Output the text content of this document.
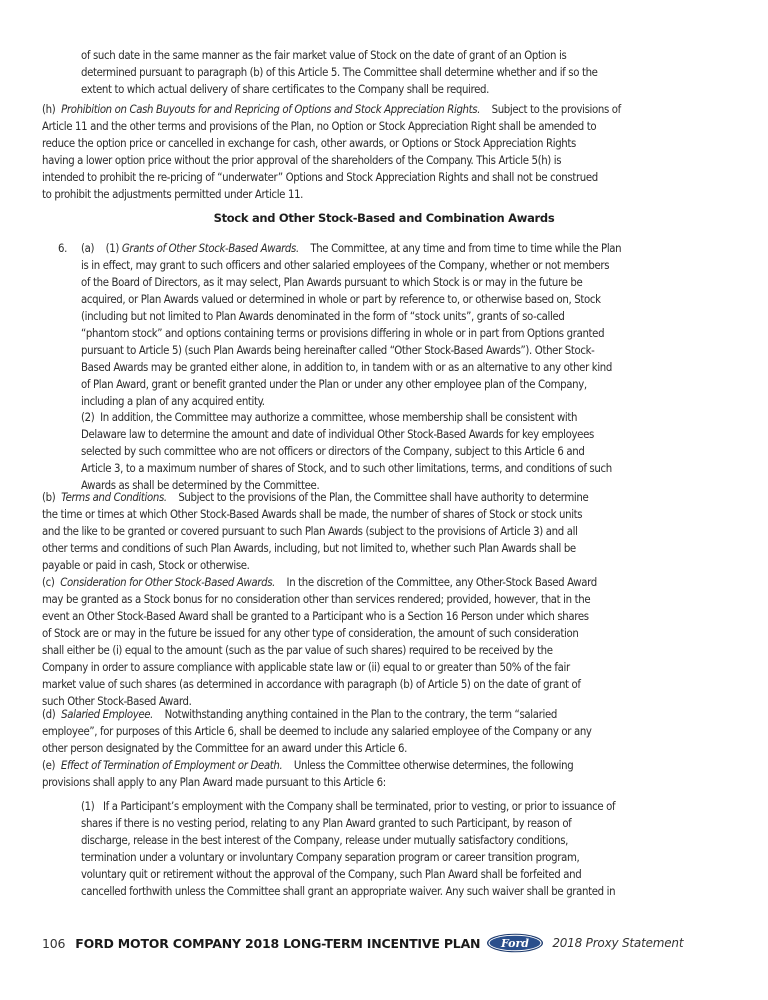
of such date in the same manner as the fair market value of Stock on the date of grant of an Option is
determined pursuant to paragraph (b) of this Article 5. The Committee shall determine whether and if so the
extent to which actual delivery of share certificates to the Company shall be required.
(h) Prohibition on Cash Buyouts for and Repricing of Options and Stock Appreciation Rights. Subject to the provisions of
Article 11 and the other terms and provisions of the Plan, no Option or Stock Appreciation Right shall be amended to
reduce the option price or cancelled in exchange for cash, other awards, or Options or Stock Appreciation Rights
having a lower option price without the prior approval of the shareholders of the Company. This Article 5(h) is
intended to prohibit the re-pricing of “underwater” Options and Stock Appreciation Rights and shall not be construed
to prohibit the adjustments permitted under Article 11.
Stock and Other Stock-Based and Combination Awards
6. (a) (1) Grants of Other Stock-Based Awards. The Committee, at any time and from time to time while the Plan
is in effect, may grant to such officers and other salaried employees of the Company, whether or not members
of the Board of Directors, as it may select, Plan Awards pursuant to which Stock is or may in the future be
acquired, or Plan Awards valued or determined in whole or part by reference to, or otherwise based on, Stock
(including but not limited to Plan Awards denominated in the form of “stock units”, grants of so-called
“phantom stock” and options containing terms or provisions differing in whole or in part from Options granted
pursuant to Article 5) (such Plan Awards being hereinafter called “Other Stock-Based Awards”). Other Stock-
Based Awards may be granted either alone, in addition to, in tandem with or as an alternative to any other kind
of Plan Award, grant or benefit granted under the Plan or under any other employee plan of the Company,
including a plan of any acquired entity.
(2) In addition, the Committee may authorize a committee, whose membership shall be consistent with
Delaware law to determine the amount and date of individual Other Stock-Based Awards for key employees
selected by such committee who are not officers or directors of the Company, subject to this Article 6 and
Article 3, to a maximum number of shares of Stock, and to such other limitations, terms, and conditions of such
Awards as shall be determined by the Committee.
(b) Terms and Conditions. Subject to the provisions of the Plan, the Committee shall have authority to determine
the time or times at which Other Stock-Based Awards shall be made, the number of shares of Stock or stock units
and the like to be granted or covered pursuant to such Plan Awards (subject to the provisions of Article 3) and all
other terms and conditions of such Plan Awards, including, but not limited to, whether such Plan Awards shall be
payable or paid in cash, Stock or otherwise.
(c) Consideration for Other Stock-Based Awards. In the discretion of the Committee, any Other-Stock Based Award
may be granted as a Stock bonus for no consideration other than services rendered; provided, however, that in the
event an Other Stock-Based Award shall be granted to a Participant who is a Section 16 Person under which shares
of Stock are or may in the future be issued for any other type of consideration, the amount of such consideration
shall either be (i) equal to the amount (such as the par value of such shares) required to be received by the
Company in order to assure compliance with applicable state law or (ii) equal to or greater than 50% of the fair
market value of such shares (as determined in accordance with paragraph (b) of Article 5) on the date of grant of
such Other Stock-Based Award.
(d) Salaried Employee. Notwithstanding anything contained in the Plan to the contrary, the term “salaried
employee”, for purposes of this Article 6, shall be deemed to include any salaried employee of the Company or any
other person designated by the Committee for an award under this Article 6.
(e) Effect of Termination of Employment or Death. Unless the Committee otherwise determines, the following
provisions shall apply to any Plan Award made pursuant to this Article 6:
(1) If a Participant’s employment with the Company shall be terminated, prior to vesting, or prior to issuance of
shares if there is no vesting period, relating to any Plan Award granted to such Participant, by reason of
discharge, release in the best interest of the Company, release under mutually satisfactory conditions,
termination under a voluntary or involuntary Company separation program or career transition program,
voluntary quit or retirement without the approval of the Company, such Plan Award shall be forfeited and
cancelled forthwith unless the Committee shall grant an appropriate waiver. Any such waiver shall be granted in
106 FORD MOTOR COMPANY 2018 LONG-TERM INCENTIVE PLAN Ford 2018 Proxy Statement
